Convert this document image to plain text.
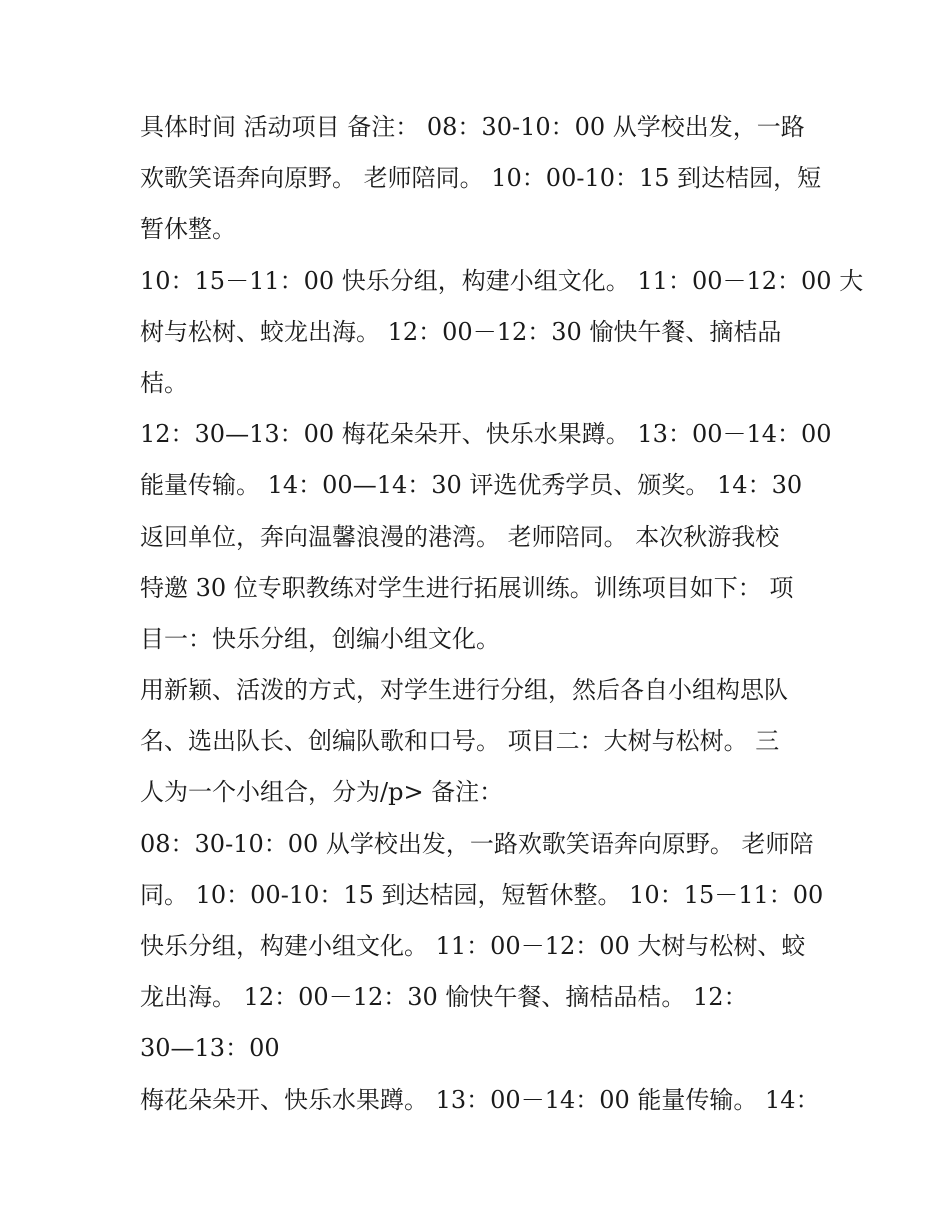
具体时间 活动项目 备注： 08：30-10：00 从学校出发，一路
欢歌笑语奔向原野。 老师陪同。 10：00-10：15 到达桔园，短
暂休整。
10：15－11：00 快乐分组，构建小组文化。 11：00－12：00 大
树与松树、蛟龙出海。 12：00－12：30 愉快午餐、摘桔品
桔。
12：30—13：00 梅花朵朵开、快乐水果蹲。 13：00－14：00
能量传输。 14：00—14：30 评选优秀学员、颁奖。 14：30
返回单位，奔向温馨浪漫的港湾。 老师陪同。 本次秋游我校
特邀 30 位专职教练对学生进行拓展训练。训练项目如下： 项
目一：快乐分组，创编小组文化。
用新颖、活泼的方式，对学生进行分组，然后各自小组构思队
名、选出队长、创编队歌和口号。 项目二：大树与松树。 三
人为一个小组合，分为/p> 备注：
08：30-10：00 从学校出发，一路欢歌笑语奔向原野。 老师陪
同。 10：00-10：15 到达桔园，短暂休整。 10：15－11：00
快乐分组，构建小组文化。 11：00－12：00 大树与松树、蛟
龙出海。 12：00－12：30 愉快午餐、摘桔品桔。 12：
30—13：00
梅花朵朵开、快乐水果蹲。 13：00－14：00 能量传输。 14：
